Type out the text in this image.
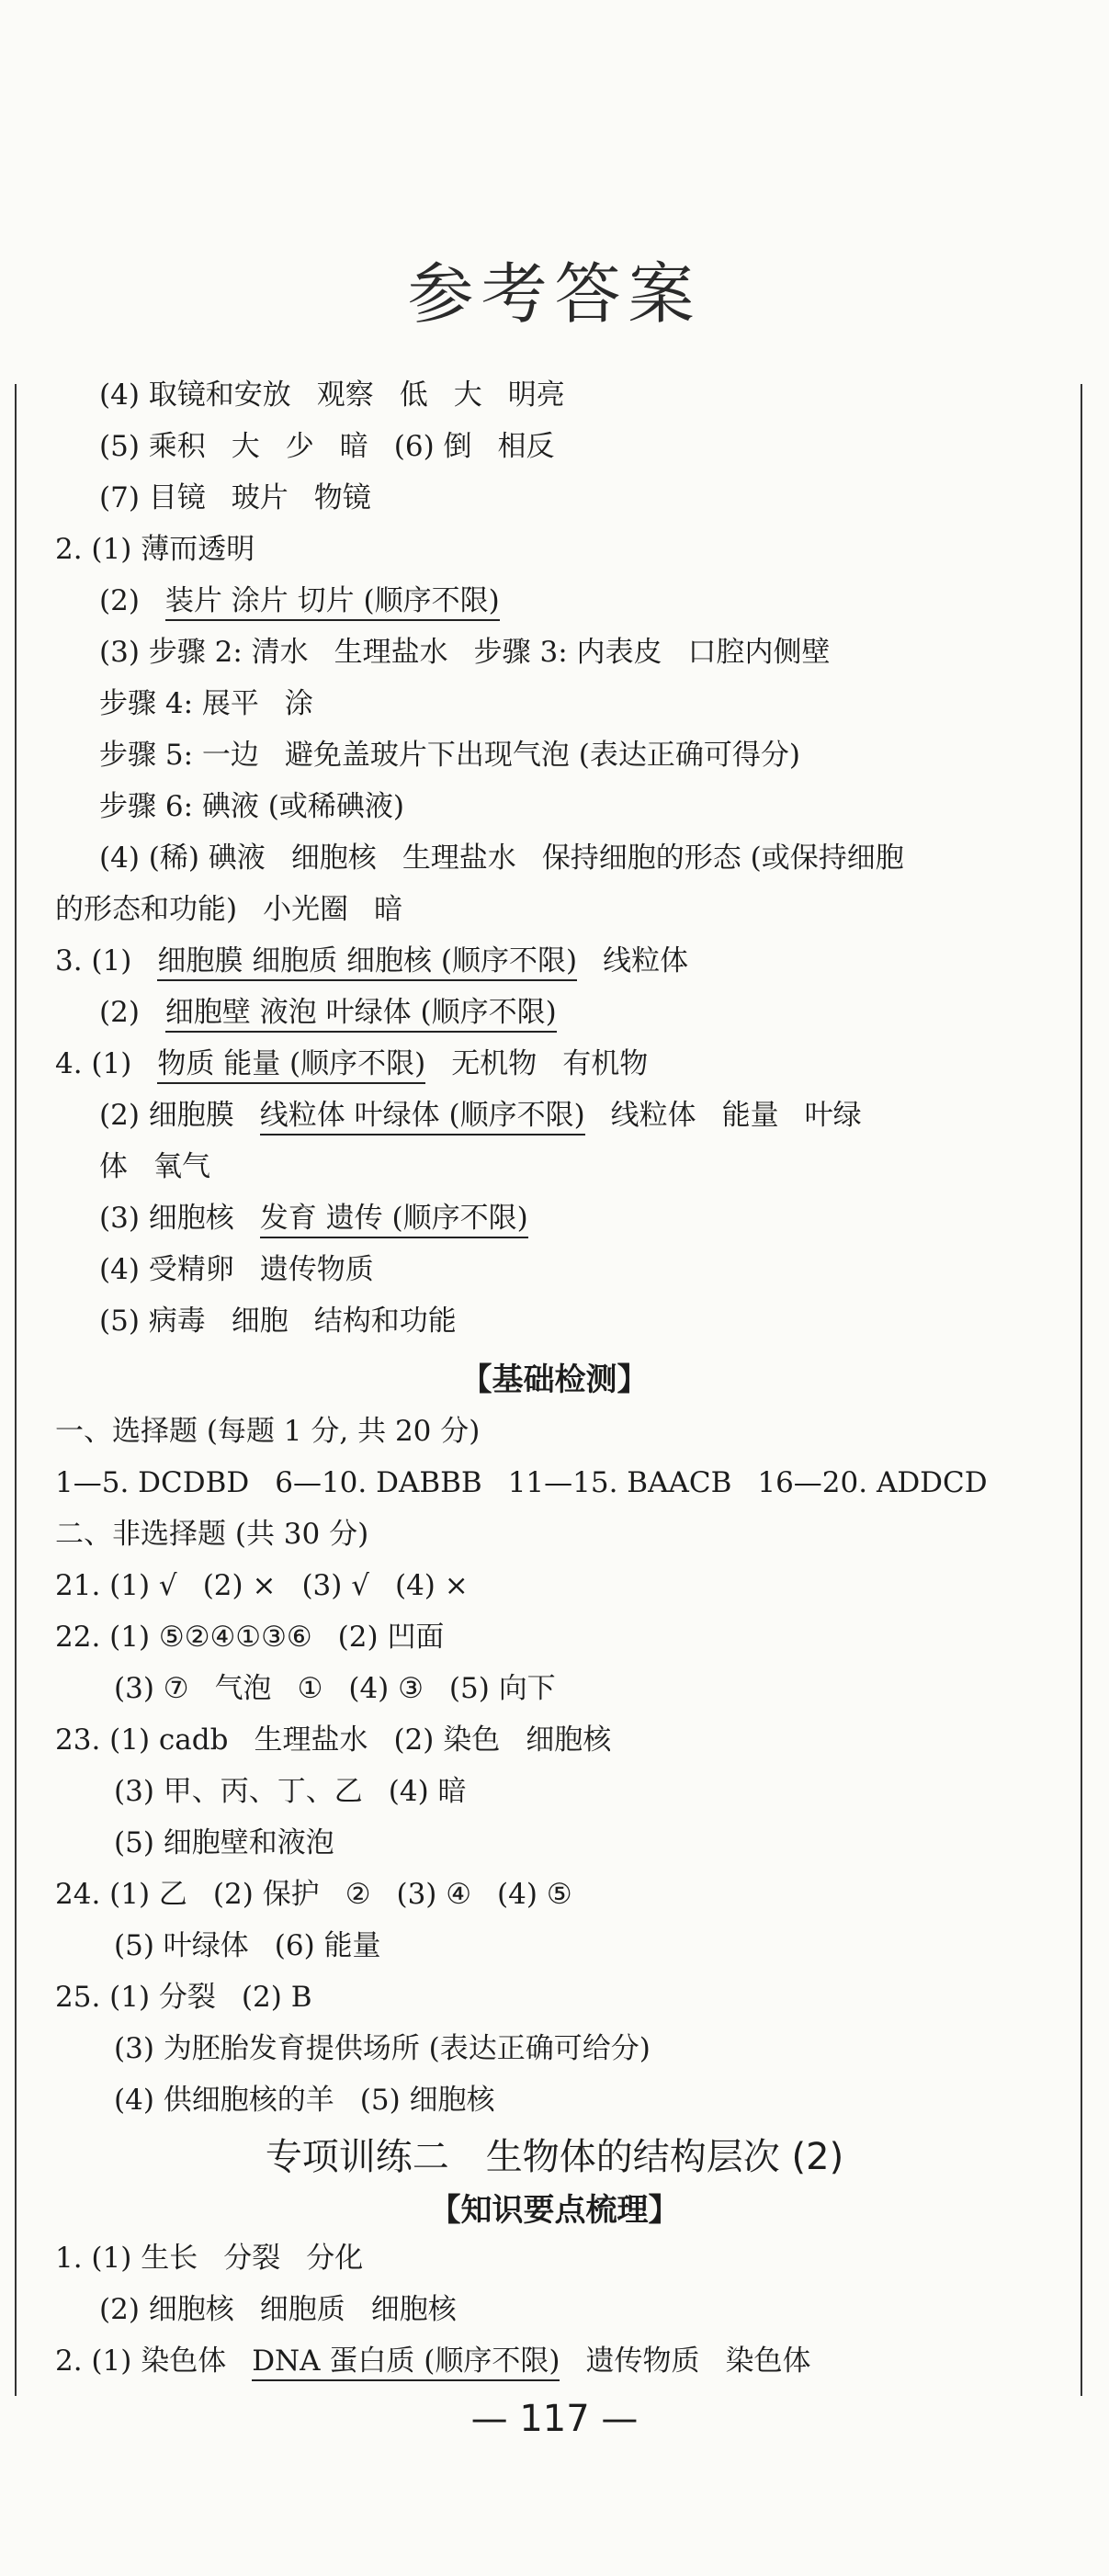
参考答案
(4) 取镜和安放 观察 低 大 明亮
(5) 乘积 大 少 暗 (6) 倒 相反
(7) 目镜 玻片 物镜
2. (1) 薄而透明
(2) 装片 涂片 切片 (顺序不限)
(3) 步骤 2: 清水 生理盐水 步骤 3: 内表皮 口腔内侧壁
步骤 4: 展平 涂
步骤 5: 一边 避免盖玻片下出现气泡 (表达正确可得分)
步骤 6: 碘液 (或稀碘液)
(4) (稀) 碘液 细胞核 生理盐水 保持细胞的形态 (或保持细胞
的形态和功能) 小光圈 暗
3. (1) 细胞膜 细胞质 细胞核 (顺序不限) 线粒体
(2) 细胞壁 液泡 叶绿体 (顺序不限)
4. (1) 物质 能量 (顺序不限) 无机物 有机物
(2) 细胞膜 线粒体 叶绿体 (顺序不限) 线粒体 能量 叶绿
体 氧气
(3) 细胞核 发育 遗传 (顺序不限)
(4) 受精卵 遗传物质
(5) 病毒 细胞 结构和功能
一、选择题 (每题 1 分, 共 20 分)
1—5. DCDBD 6—10. DABBB 11—15. BAACB 16—20. ADDCD
二、非选择题 (共 30 分)
21. (1) √ (2) × (3) √ (4) ×
22. (1) ⑤②④①③⑥ (2) 凹面
(3) ⑦ 气泡 ① (4) ③ (5) 向下
23. (1) cadb 生理盐水 (2) 染色 细胞核
(3) 甲、丙、丁、乙 (4) 暗
(5) 细胞壁和液泡
24. (1) 乙 (2) 保护 ② (3) ④ (4) ⑤
(5) 叶绿体 (6) 能量
25. (1) 分裂 (2) B
(3) 为胚胎发育提供场所 (表达正确可给分)
(4) 供细胞核的羊 (5) 细胞核
1. (1) 生长 分裂 分化
(2) 细胞核 细胞质 细胞核
2. (1) 染色体 DNA 蛋白质 (顺序不限) 遗传物质 染色体
【基础检测】
专项训练二　生物体的结构层次 (2)
【知识要点梳理】
— 117 —
